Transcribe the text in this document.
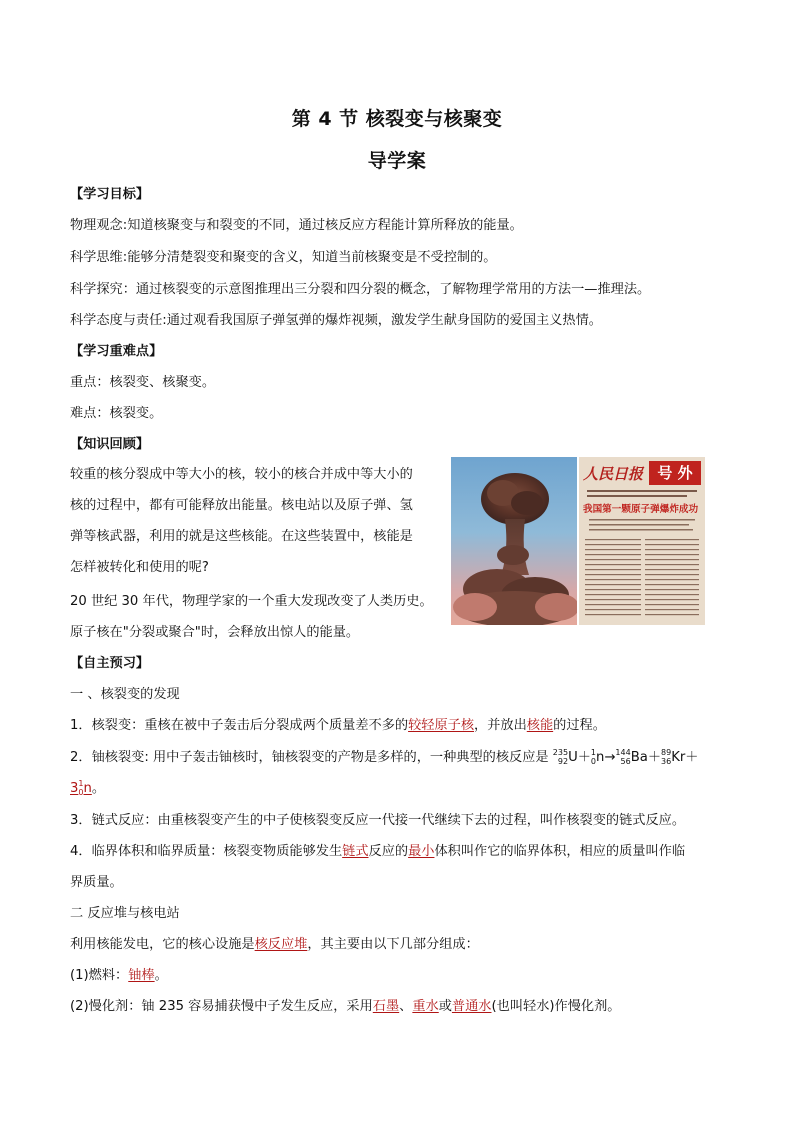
第 4 节 核裂变与核聚变
导学案
【学习目标】
物理观念:知道核聚变与和裂变的不同，通过核反应方程能计算所释放的能量。
科学思维:能够分清楚裂变和聚变的含义，知道当前核聚变是不受控制的。
科学探究：通过核裂变的示意图推理出三分裂和四分裂的概念，了解物理学常用的方法一—推理法。
科学态度与责任:通过观看我国原子弹氢弹的爆炸视频，激发学生献身国防的爱国主义热情。
【学习重难点】
重点：核裂变、核聚变。
难点：核裂变。
【知识回顾】
较重的核分裂成中等大小的核，较小的核合并成中等大小的
核的过程中，都有可能释放出能量。核电站以及原子弹、氢
弹等核武器，利用的就是这些核能。在这些装置中，核能是
怎样被转化和使用的呢?
20 世纪 30 年代，物理学家的一个重大发现改变了人类历史。
原子核在"分裂或聚合"时，会释放出惊人的能量。
人民日报 号 外
我国第一颗原子弹爆炸成功
【自主预习】
一 、核裂变的发现
1．核裂变：重核在被中子轰击后分裂成两个质量差不多的较轻原子核，并放出核能的过程。
2．铀核裂变: 用中子轰击铀核时，铀核裂变的产物是多样的，一种典型的核反应是 235
92 U＋ 1
0 n→ 144
56 Ba＋ 89
36 Kr＋
3 1
0 n。
3．链式反应：由重核裂变产生的中子使核裂变反应一代接一代继续下去的过程，叫作核裂变的链式反应。
4．临界体积和临界质量：核裂变物质能够发生链式反应的最小体积叫作它的临界体积，相应的质量叫作临
界质量。
二 反应堆与核电站
利用核能发电，它的核心设施是核反应堆，其主要由以下几部分组成：
(1)燃料：铀棒。
(2)慢化剂：铀 235 容易捕获慢中子发生反应，采用石墨、重水或普通水(也叫轻水)作慢化剂。
